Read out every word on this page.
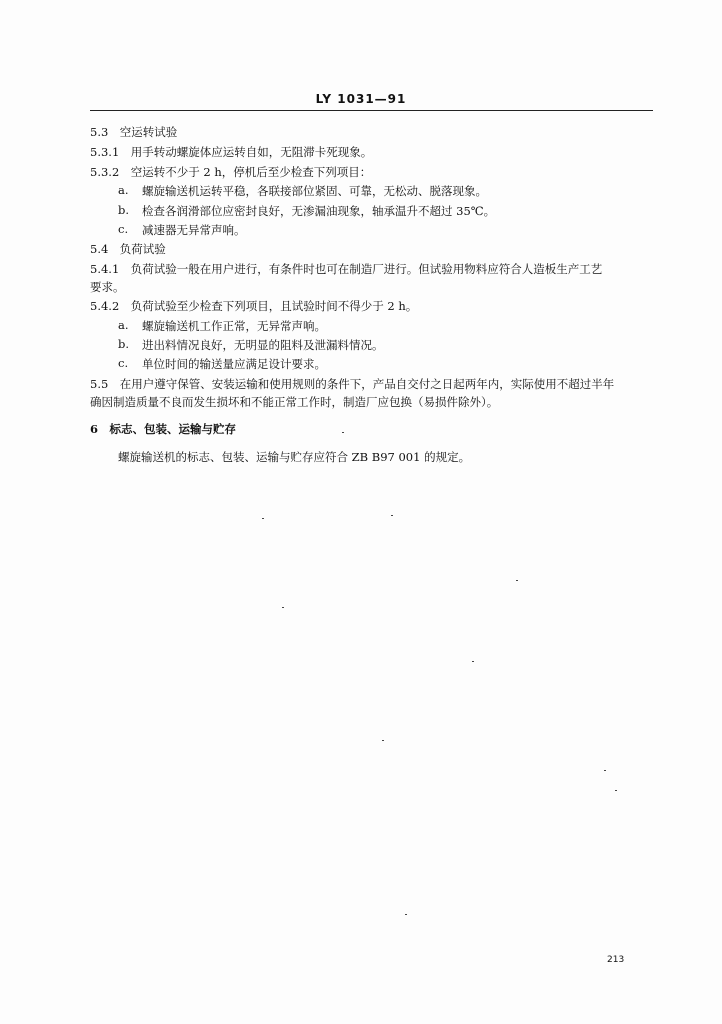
LY 1031—91
5.3　空运转试验
5.3.1　用手转动螺旋体应运转自如，无阻滞卡死现象。
5.3.2　空运转不少于 2 h，停机后至少检查下列项目：
a. 螺旋输送机运转平稳，各联接部位紧固、可靠，无松动、脱落现象。
b. 检查各润滑部位应密封良好，无渗漏油现象，轴承温升不超过 35℃。
c. 减速器无异常声响。
5.4　负荷试验
5.4.1　负荷试验一般在用户进行，有条件时也可在制造厂进行。但试验用物料应符合人造板生产工艺
要求。
5.4.2　负荷试验至少检查下列项目，且试验时间不得少于 2 h。
a. 螺旋输送机工作正常，无异常声响。
b. 进出料情况良好，无明显的阻料及泄漏料情况。
c. 单位时间的输送量应满足设计要求。
5.5　在用户遵守保管、安装运输和使用规则的条件下，产品自交付之日起两年内，实际使用不超过半年
确因制造质量不良而发生损坏和不能正常工作时，制造厂应包换（易损件除外）。
6　标志、包装、运输与贮存
螺旋输送机的标志、包装、运输与贮存应符合 ZB B97 001 的规定。
213
